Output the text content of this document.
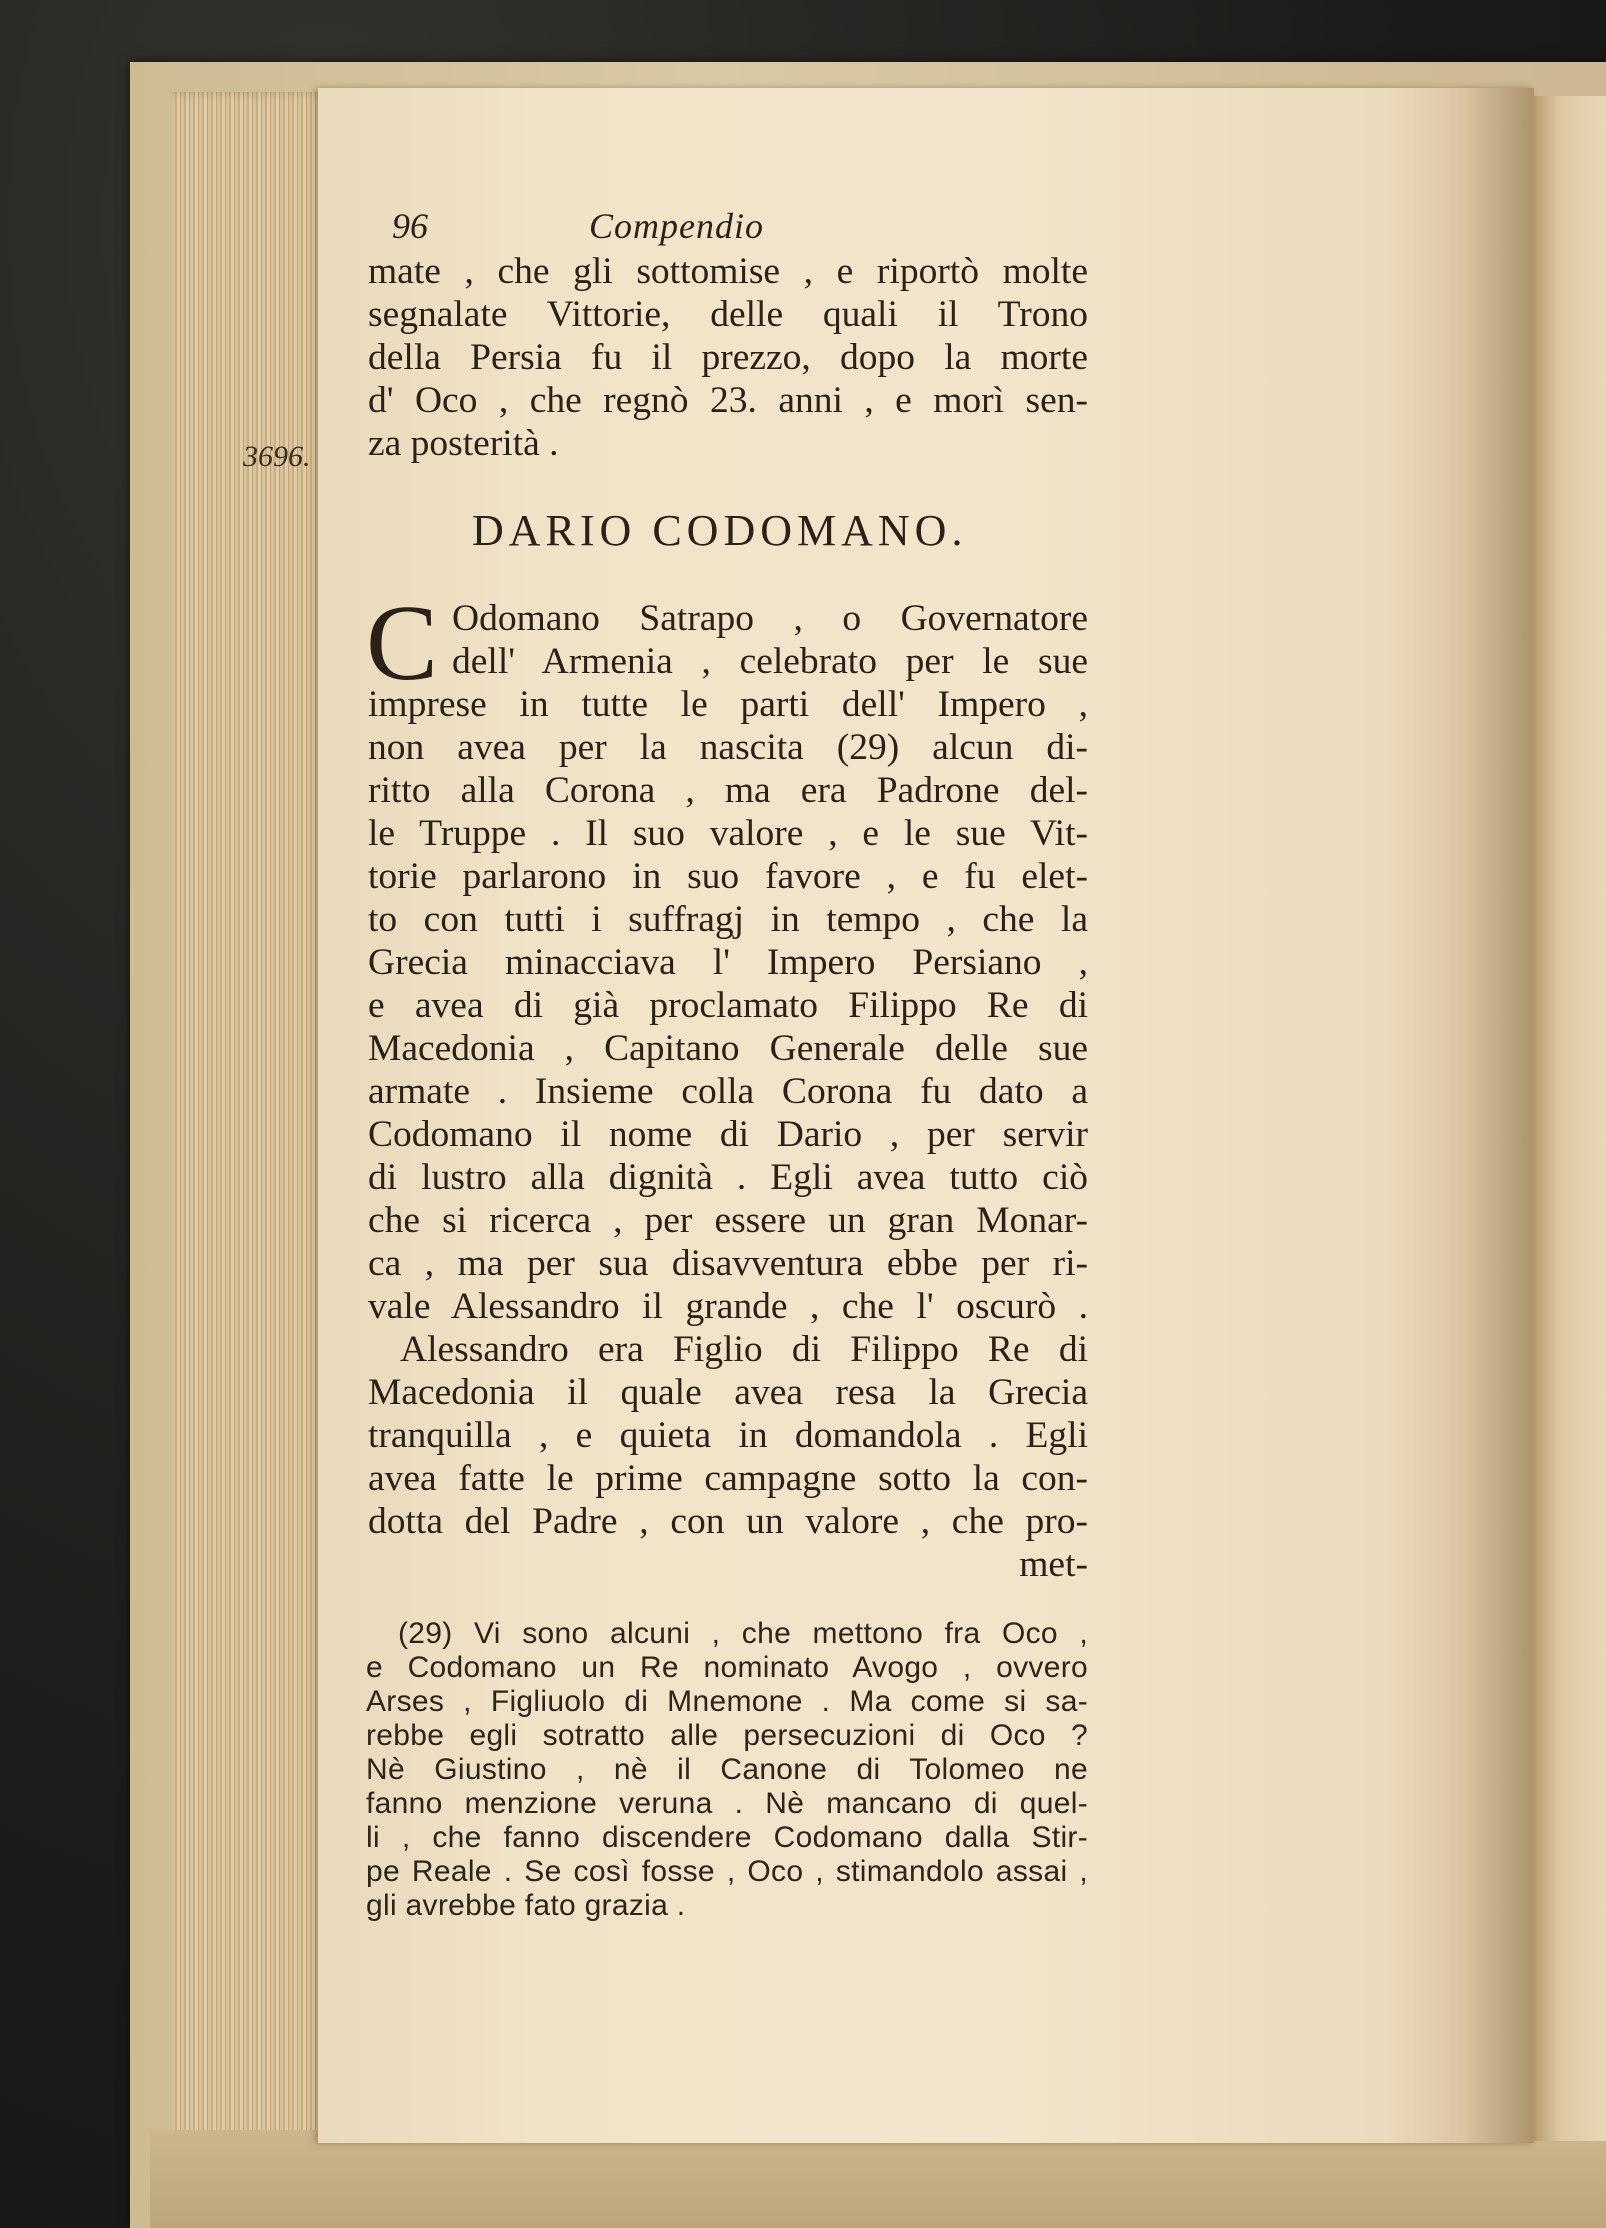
96	Compendio
mate , che gli sottomise , e riportò molte
segnalate Vittorie, delle quali il Trono
della Persia fu il prezzo, dopo la morte
d' Oco , che regnò 23. anni , e morì sen-
za posterità .
3696.
DARIO CODOMANO.
C Odomano Satrapo , o Governatore
dell' Armenia , celebrato per le sue
imprese in tutte le parti dell' Impero ,
non avea per la nascita (29) alcun di-
ritto alla Corona , ma era Padrone del-
le Truppe . Il suo valore , e le sue Vit-
torie parlarono in suo favore , e fu elet-
to con tutti i suffragj in tempo , che la
Grecia minacciava l' Impero Persiano ,
e avea di già proclamato Filippo Re di
Macedonia , Capitano Generale delle sue
armate . Insieme colla Corona fu dato a
Codomano il nome di Dario , per servir
di lustro alla dignità . Egli avea tutto ciò
che si ricerca , per essere un gran Monar-
ca , ma per sua disavventura ebbe per ri-
vale Alessandro il grande , che l' oscurò .
Alessandro era Figlio di Filippo Re di
Macedonia il quale avea resa la Grecia
tranquilla , e quieta in domandola . Egli
avea fatte le prime campagne sotto la con-
dotta del Padre , con un valore , che pro-
met-
(29) Vi sono alcuni , che mettono fra Oco ,
e Codomano un Re nominato Avogo , ovvero
Arses , Figliuolo di Mnemone . Ma come si sa-
rebbe egli sotratto alle persecuzioni di Oco ?
Nè Giustino , nè il Canone di Tolomeo ne
fanno menzione veruna . Nè mancano di quel-
li , che fanno discendere Codomano dalla Stir-
pe Reale . Se così fosse , Oco , stimandolo assai ,
gli avrebbe fato grazia .
